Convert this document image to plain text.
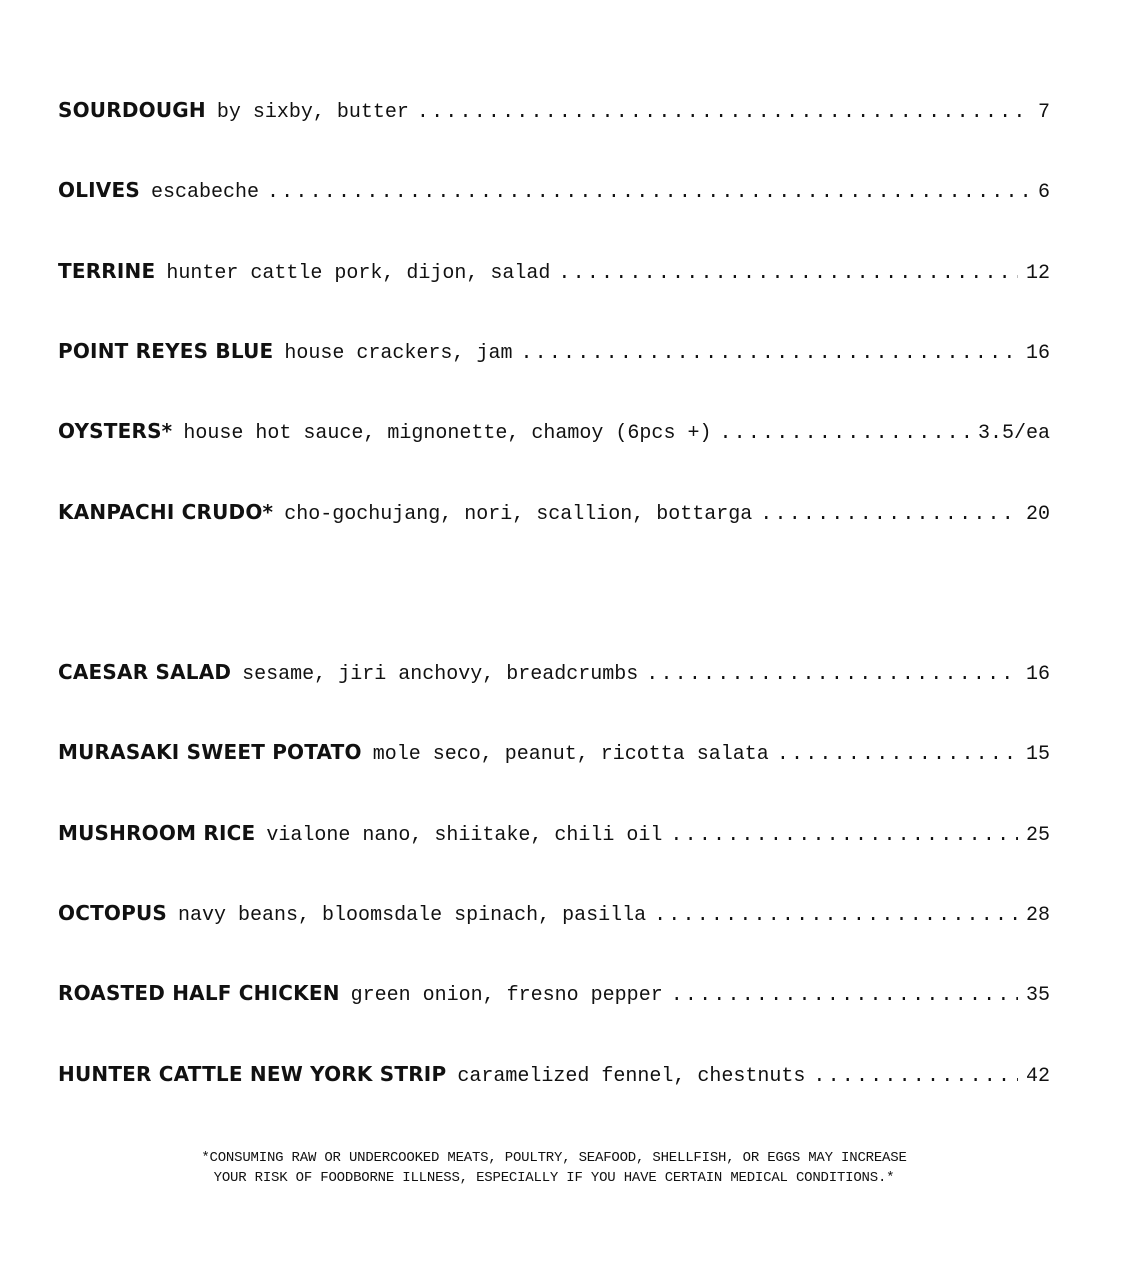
SOURDOUGH by sixby, butter .....	7
OLIVES escabeche .....	6
TERRINE hunter cattle pork, dijon, salad .....	12
POINT REYES BLUE house crackers, jam .....	16
OYSTERS* house hot sauce, mignonette, chamoy (6pcs +) .....	3.5/ea
KANPACHI CRUDO* cho-gochujang, nori, scallion, bottarga .....	20
CAESAR SALAD sesame, jiri anchovy, breadcrumbs .....	16
MURASAKI SWEET POTATO mole seco, peanut, ricotta salata .....	15
MUSHROOM RICE vialone nano, shiitake, chili oil .....	25
OCTOPUS navy beans, bloomsdale spinach, pasilla .....	28
ROASTED HALF CHICKEN green onion, fresno pepper .....	35
HUNTER CATTLE NEW YORK STRIP caramelized fennel, chestnuts .....	42
*CONSUMING RAW OR UNDERCOOKED MEATS, POULTRY, SEAFOOD, SHELLFISH, OR EGGS MAY INCREASE
YOUR RISK OF FOODBORNE ILLNESS, ESPECIALLY IF YOU HAVE CERTAIN MEDICAL CONDITIONS.*
